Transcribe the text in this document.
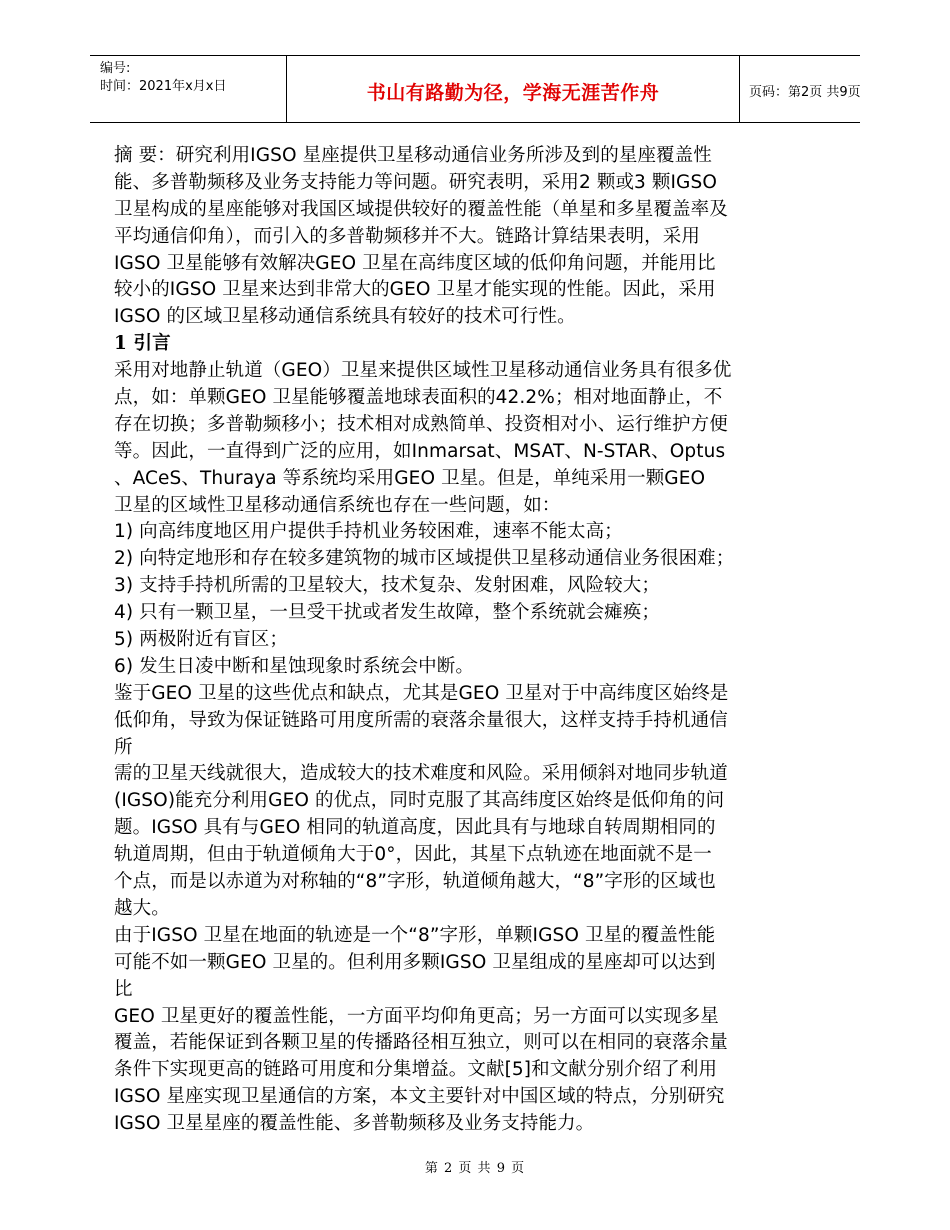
编号:
时间：2021年x月x日	书山有路勤为径，学海无涯苦作舟	页码：第2页 共9页
摘 要：研究利用IGSO 星座提供卫星移动通信业务所涉及到的星座覆盖性
能、多普勒频移及业务支持能力等问题。研究表明，采用2 颗或3 颗IGSO
卫星构成的星座能够对我国区域提供较好的覆盖性能（单星和多星覆盖率及
平均通信仰角），而引入的多普勒频移并不大。链路计算结果表明，采用
IGSO 卫星能够有效解决GEO 卫星在高纬度区域的低仰角问题，并能用比
较小的IGSO 卫星来达到非常大的GEO 卫星才能实现的性能。因此，采用
IGSO 的区域卫星移动通信系统具有较好的技术可行性。
1 引言
采用对地静止轨道（GEO）卫星来提供区域性卫星移动通信业务具有很多优
点，如：单颗GEO 卫星能够覆盖地球表面积的42.2%；相对地面静止，不
存在切换；多普勒频移小；技术相对成熟简单、投资相对小、运行维护方便
等。因此，一直得到广泛的应用，如Inmarsat、MSAT、N-STAR、Optus
、ACeS、Thuraya 等系统均采用GEO 卫星。但是，单纯采用一颗GEO
卫星的区域性卫星移动通信系统也存在一些问题，如：
1) 向高纬度地区用户提供手持机业务较困难，速率不能太高；
2) 向特定地形和存在较多建筑物的城市区域提供卫星移动通信业务很困难；
3) 支持手持机所需的卫星较大，技术复杂、发射困难，风险较大；
4) 只有一颗卫星，一旦受干扰或者发生故障，整个系统就会瘫痪；
5) 两极附近有盲区；
6) 发生日凌中断和星蚀现象时系统会中断。
鉴于GEO 卫星的这些优点和缺点，尤其是GEO 卫星对于中高纬度区始终是
低仰角，导致为保证链路可用度所需的衰落余量很大，这样支持手持机通信
所
需的卫星天线就很大，造成较大的技术难度和风险。采用倾斜对地同步轨道
(IGSO)能充分利用GEO 的优点，同时克服了其高纬度区始终是低仰角的问
题。IGSO 具有与GEO 相同的轨道高度，因此具有与地球自转周期相同的
轨道周期，但由于轨道倾角大于0°，因此，其星下点轨迹在地面就不是一
个点，而是以赤道为对称轴的“8”字形，轨道倾角越大，“8”字形的区域也
越大。
由于IGSO 卫星在地面的轨迹是一个“8”字形，单颗IGSO 卫星的覆盖性能
可能不如一颗GEO 卫星的。但利用多颗IGSO 卫星组成的星座却可以达到
比
GEO 卫星更好的覆盖性能，一方面平均仰角更高；另一方面可以实现多星
覆盖，若能保证到各颗卫星的传播路径相互独立，则可以在相同的衰落余量
条件下实现更高的链路可用度和分集增益。文献[5]和文献分别介绍了利用
IGSO 星座实现卫星通信的方案，本文主要针对中国区域的特点，分别研究
IGSO 卫星星座的覆盖性能、多普勒频移及业务支持能力。
第 2 页 共 9 页
